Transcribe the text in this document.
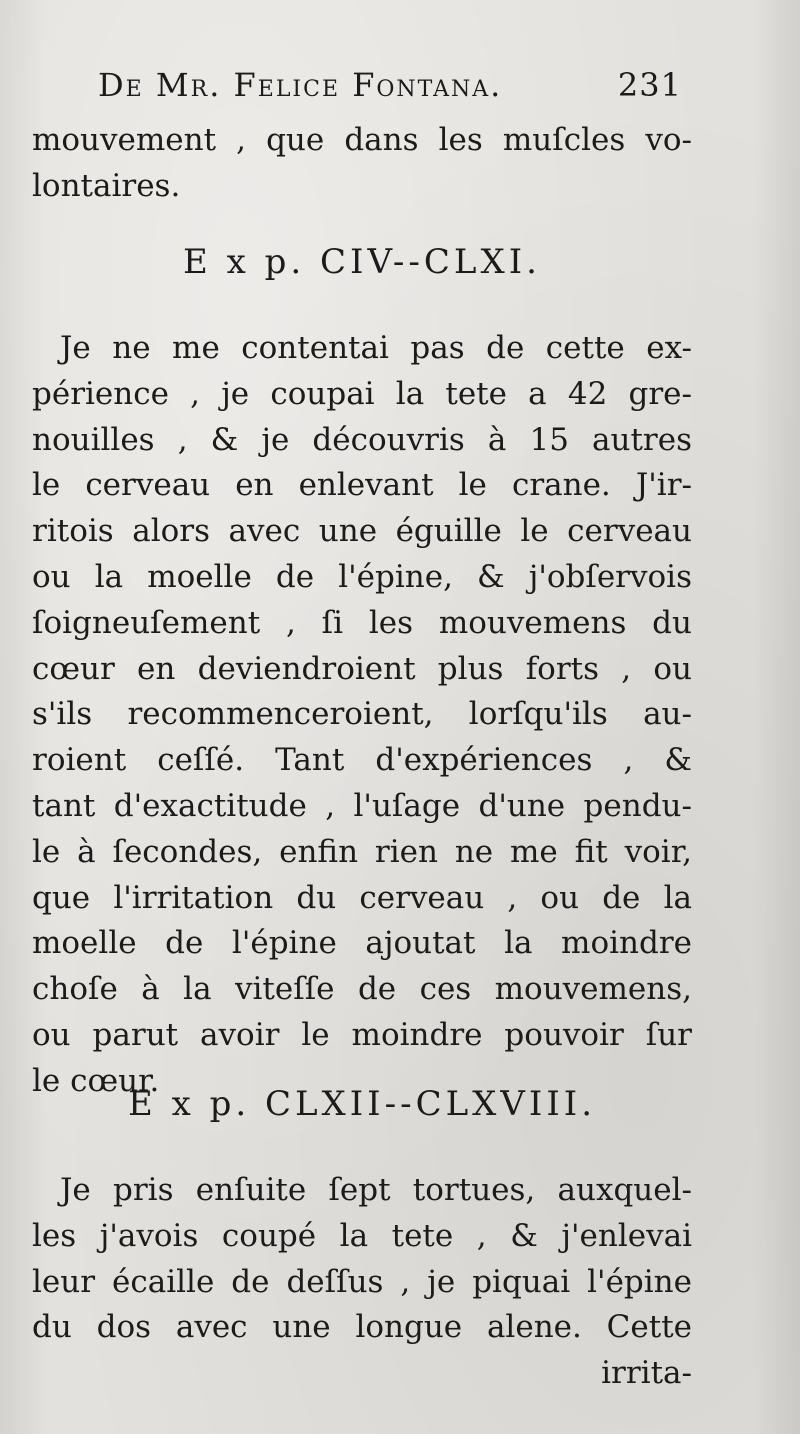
De Mr. Felice Fontana.	231
mouvement , que dans les muſcles vo-
lontaires.
E x p. CIV--CLXI.
Je ne me contentai pas de cette ex-
périence , je coupai la tete a 42 gre-
nouilles , & je découvris à 15 autres
le cerveau en enlevant le crane. J'ir-
ritois alors avec une éguille le cerveau
ou la moelle de l'épine, & j'obſervois
ſoigneuſement , ſi les mouvemens du
cœur en deviendroient plus forts , ou
s'ils recommenceroient, lorſqu'ils au-
roient ceſſé. Tant d'expériences , &
tant d'exactitude , l'uſage d'une pendu-
le à ſecondes, enfin rien ne me fit voir,
que l'irritation du cerveau , ou de la
moelle de l'épine ajoutat la moindre
choſe à la viteſſe de ces mouvemens,
ou parut avoir le moindre pouvoir ſur
le cœur.
E x p. CLXII--CLXVIII.
Je pris enſuite ſept tortues, auxquel-
les j'avois coupé la tete , & j'enlevai
leur écaille de deſſus , je piquai l'épine
du dos avec une longue alene. Cette
irrita-
